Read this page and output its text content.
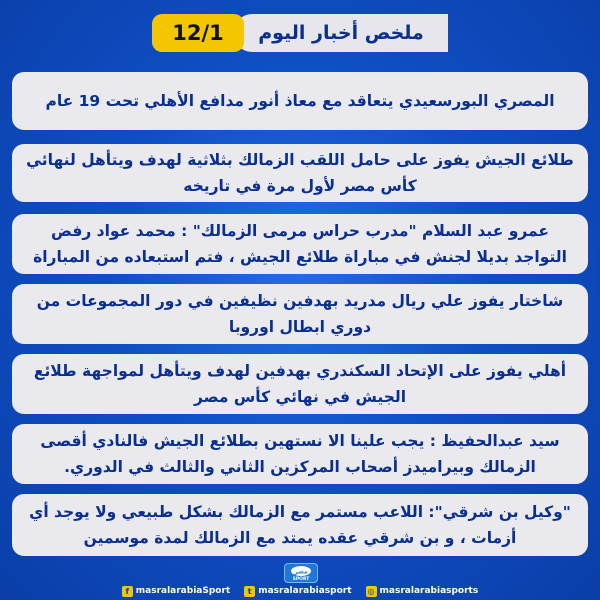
ملخص أخبار اليوم
12/1
المصري البورسعيدي يتعاقد مع معاذ أنور مدافع الأهلي تحت 19 عام
طلائع الجيش يفوز على حامل اللقب الزمالك بثلاثية لهدف ويتأهل لنهائي كأس مصر لأول مرة في تاريخه
عمرو عبد السلام "مدرب حراس مرمى الزمالك" : محمد عواد رفض التواجد بديلا لجنش في مباراة طلائع الجيش ، فتم استبعاده من المباراة
شاختار يفوز علي ريال مدريد بهدفين نظيفين في دور المجموعات من دوري ابطال اوروبا
أهلي يفوز على الإتحاد السكندري بهدفين لهدف ويتأهل لمواجهة طلائع الجيش في نهائي كأس مصر
سيد عبدالحفيظ : يجب علينا الا نستهين بطلائع الجيش فالنادي أقصى الزمالك وبيراميدز أصحاب المركزين الثاني والثالث في الدوري.
"وكيل بن شرقي": اللاعب مستمر مع الزمالك بشكل طبيعي ولا يوجد أي أزمات ، و بن شرقي عقده يمتد مع الزمالك لمدة موسمين
مصر
SPORT
f masralarabiaSport	t masralarabiasport ◎ masralarabiasports
